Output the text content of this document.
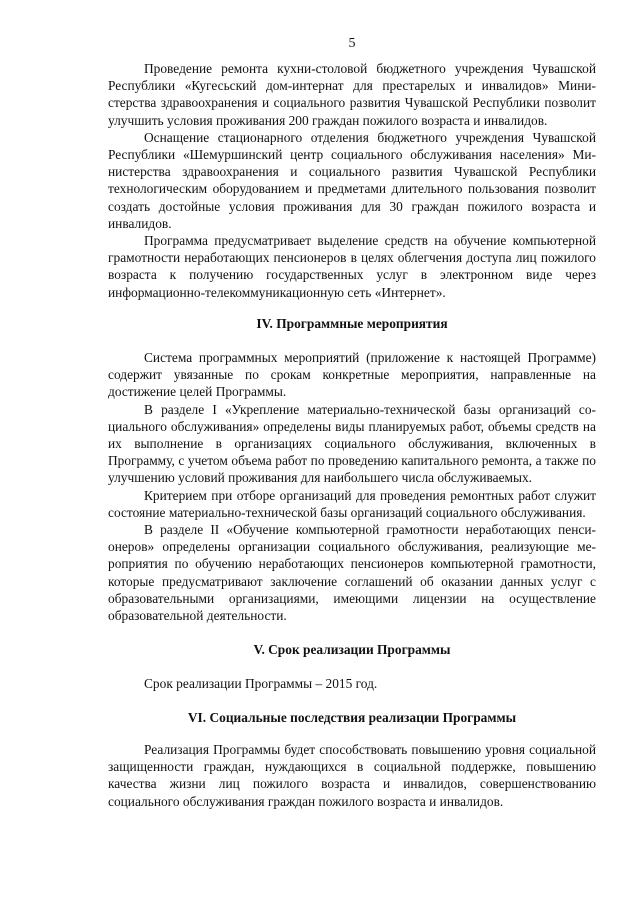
5

Проведение ремонта кухни-столовой бюджетного учреждения Чувашской Республики «Кугесьский дом-интернат для престарелых и инвалидов» Министерства здравоохранения и социального развития Чувашской Республики позволит улучшить условия проживания 200 граждан пожилого возраста и инвалидов.

Оснащение стационарного отделения бюджетного учреждения Чувашской Республики «Шемуршинский центр социального обслуживания населения» Министерства здравоохранения и социального развития Чувашской Республики технологическим оборудованием и предметами длительного пользования позволит создать достойные условия проживания для 30 граждан пожилого возраста и инвалидов.

Программа предусматривает выделение средств на обучение компьютерной грамотности неработающих пенсионеров в целях облегчения доступа лиц пожилого возраста к получению государственных услуг в электронном виде через информационно-телекоммуникационную сеть «Интернет».

IV. Программные мероприятия

Система программных мероприятий (приложение к настоящей Программе) содержит увязанные по срокам конкретные мероприятия, направленные на достижение целей Программы.

В разделе I «Укрепление материально-технической базы организаций социального обслуживания» определены виды планируемых работ, объемы средств на их выполнение в организациях социального обслуживания, включенных в Программу, с учетом объема работ по проведению капитального ремонта, а также по улучшению условий проживания для наибольшего числа обслуживаемых.

Критерием при отборе организаций для проведения ремонтных работ служит состояние материально-технической базы организаций социального обслуживания.

В разделе II «Обучение компьютерной грамотности неработающих пенсионеров» определены организации социального обслуживания, реализующие мероприятия по обучению неработающих пенсионеров компьютерной грамотности, которые предусматривают заключение соглашений об оказании данных услуг с образовательными организациями, имеющими лицензии на осуществление образовательной деятельности.

V. Срок реализации Программы

Срок реализации Программы – 2015 год.

VI. Социальные последствия реализации Программы

Реализация Программы будет способствовать повышению уровня социальной защищенности граждан, нуждающихся в социальной поддержке, повышению качества жизни лиц пожилого возраста и инвалидов, совершенствованию социального обслуживания граждан пожилого возраста и инвалидов.
